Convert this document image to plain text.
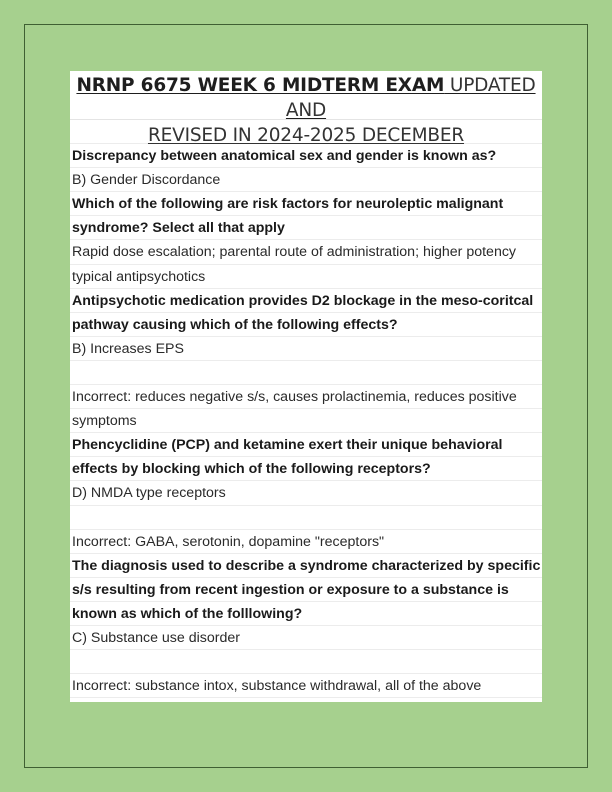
NRNP 6675 WEEK 6 MIDTERM EXAM UPDATED AND
REVISED IN 2024-2025 DECEMBER
Discrepancy between anatomical sex and gender is known as?
B) Gender Discordance
Which of the following are risk factors for neuroleptic malignant
syndrome? Select all that apply
Rapid dose escalation; parental route of administration; higher potency
typical antipsychotics
Antipsychotic medication provides D2 blockage in the meso-coritcal
pathway causing which of the following effects?
B) Increases EPS
Incorrect: reduces negative s/s, causes prolactinemia, reduces positive
symptoms
Phencyclidine (PCP) and ketamine exert their unique behavioral
effects by blocking which of the following receptors?
D) NMDA type receptors
Incorrect: GABA, serotonin, dopamine "receptors"
The diagnosis used to describe a syndrome characterized by specific
s/s resulting from recent ingestion or exposure to a substance is
known as which of the folllowing?
C) Substance use disorder
Incorrect: substance intox, substance withdrawal, all of the above
